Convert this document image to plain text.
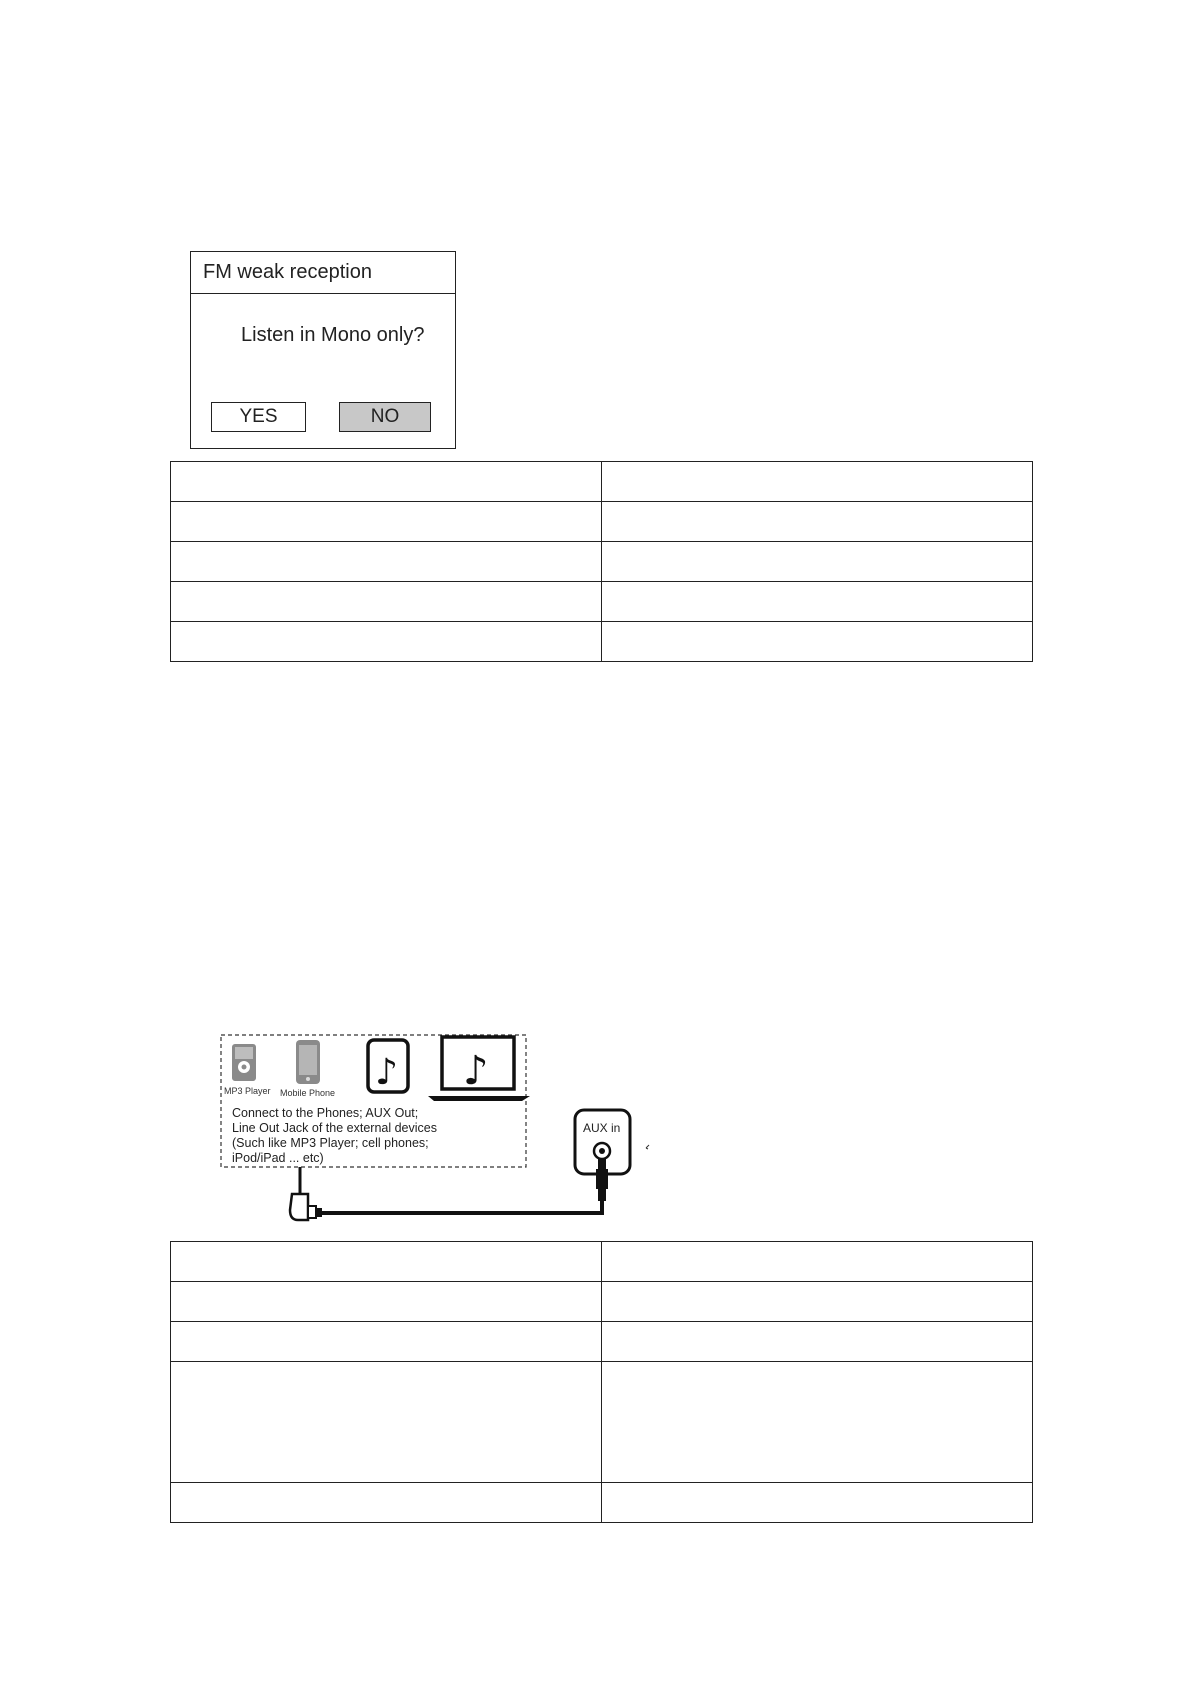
FM weak reception
Listen in Mono only?
YES	NO

♪ ♪
MP3 Player Mobile Phone
Connect to the Phones; AUX Out;
Line Out Jack of the external devices
(Such like MP3 Player; cell phones;
iPod/iPad ... etc)
AUX in
